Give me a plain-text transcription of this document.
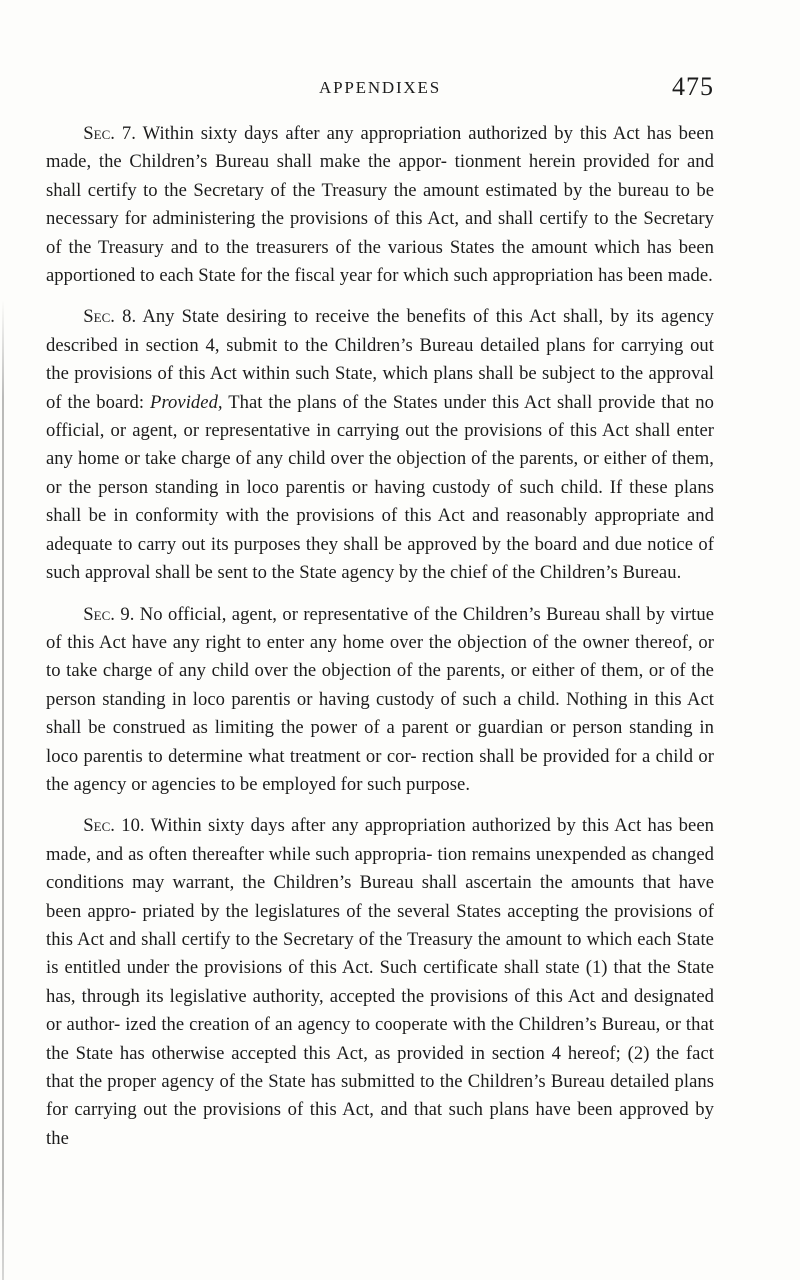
APPENDIXES	475

Sec. 7. Within sixty days after any appropriation authorized by this Act has been made, the Children’s Bureau shall make the appor- tionment herein provided for and shall certify to the Secretary of the Treasury the amount estimated by the bureau to be necessary for administering the provisions of this Act, and shall certify to the Secretary of the Treasury and to the treasurers of the various States the amount which has been apportioned to each State for the fiscal year for which such appropriation has been made.

Sec. 8. Any State desiring to receive the benefits of this Act shall, by its agency described in section 4, submit to the Children’s Bureau detailed plans for carrying out the provisions of this Act within such State, which plans shall be subject to the approval of the board: Provided, That the plans of the States under this Act shall provide that no official, or agent, or representative in carrying out the provisions of this Act shall enter any home or take charge of any child over the objection of the parents, or either of them, or the person standing in loco parentis or having custody of such child. If these plans shall be in conformity with the provisions of this Act and reasonably appropriate and adequate to carry out its purposes they shall be approved by the board and due notice of such approval shall be sent to the State agency by the chief of the Children’s Bureau.

Sec. 9. No official, agent, or representative of the Children’s Bureau shall by virtue of this Act have any right to enter any home over the objection of the owner thereof, or to take charge of any child over the objection of the parents, or either of them, or of the person standing in loco parentis or having custody of such a child. Nothing in this Act shall be construed as limiting the power of a parent or guardian or person standing in loco parentis to determine what treatment or cor- rection shall be provided for a child or the agency or agencies to be employed for such purpose.

Sec. 10. Within sixty days after any appropriation authorized by this Act has been made, and as often thereafter while such appropria- tion remains unexpended as changed conditions may warrant, the Children’s Bureau shall ascertain the amounts that have been appro- priated by the legislatures of the several States accepting the provisions of this Act and shall certify to the Secretary of the Treasury the amount to which each State is entitled under the provisions of this Act. Such certificate shall state (1) that the State has, through its legislative authority, accepted the provisions of this Act and designated or author- ized the creation of an agency to cooperate with the Children’s Bureau, or that the State has otherwise accepted this Act, as provided in section 4 hereof; (2) the fact that the proper agency of the State has submitted to the Children’s Bureau detailed plans for carrying out the provisions of this Act, and that such plans have been approved by the
